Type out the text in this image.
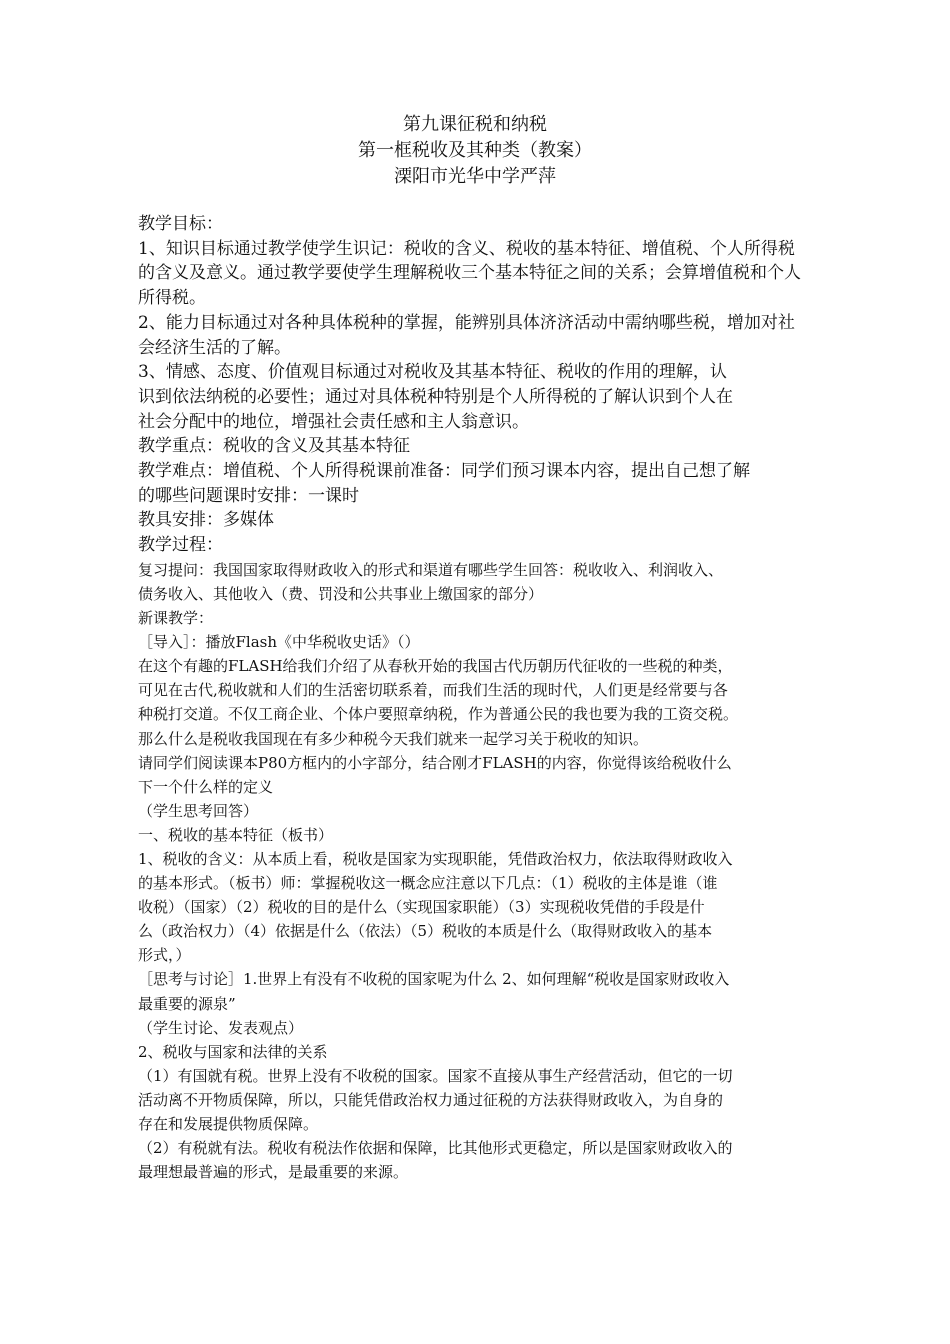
第九课征税和纳税
第一框税收及其种类（教案）
溧阳市光华中学严萍
教学目标：
1、知识目标通过教学使学生识记：税收的含义、税收的基本特征、增值税、个人所得税
的含义及意义。通过教学要使学生理解税收三个基本特征之间的关系；会算增值税和个人
所得税。
2、能力目标通过对各种具体税种的掌握，能辨别具体济济活动中需纳哪些税，增加对社
会经济生活的了解。
3、情感、态度、价值观目标通过对税收及其基本特征、税收的作用的理解，认
识到依法纳税的必要性；通过对具体税种特别是个人所得税的了解认识到个人在
社会分配中的地位，增强社会责任感和主人翁意识。
教学重点：税收的含义及其基本特征
教学难点：增值税、个人所得税课前准备：同学们预习课本内容，提出自己想了解
的哪些问题课时安排：一课时
教具安排：多媒体
教学过程：
复习提问：我国国家取得财政收入的形式和渠道有哪些学生回答：税收收入、利润收入、
债务收入、其他收入（费、罚没和公共事业上缴国家的部分）
新课教学：
［导入］：播放Flash《中华税收史话》（）
在这个有趣的FLASH给我们介绍了从春秋开始的我国古代历朝历代征收的一些税的种类，
可见在古代,税收就和人们的生活密切联系着，而我们生活的现时代，人们更是经常要与各
种税打交道。不仅工商企业、个体户要照章纳税，作为普通公民的我也要为我的工资交税。
那么什么是税收我国现在有多少种税今天我们就来一起学习关于税收的知识。
请同学们阅读课本P80方框内的小字部分，结合刚才FLASH的内容，你觉得该给税收什么
下一个什么样的定义
（学生思考回答）
一、税收的基本特征（板书）
1、税收的含义：从本质上看，税收是国家为实现职能，凭借政治权力，依法取得财政收入
的基本形式。（板书）师：掌握税收这一概念应注意以下几点：（1）税收的主体是谁（谁
收税）（国家）（2）税收的目的是什么（实现国家职能）（3）实现税收凭借的手段是什
么（政治权力）（4）依据是什么（依法）（5）税收的本质是什么（取得财政收入的基本
形式，）
［思考与讨论］1.世界上有没有不收税的国家呢为什么 2、如何理解“税收是国家财政收入
最重要的源泉”
（学生讨论、发表观点）
2、税收与国家和法律的关系
（1）有国就有税。世界上没有不收税的国家。国家不直接从事生产经营活动，但它的一切
活动离不开物质保障，所以，只能凭借政治权力通过征税的方法获得财政收入，为自身的
存在和发展提供物质保障。
（2）有税就有法。税收有税法作依据和保障，比其他形式更稳定，所以是国家财政收入的
最理想最普遍的形式，是最重要的来源。
